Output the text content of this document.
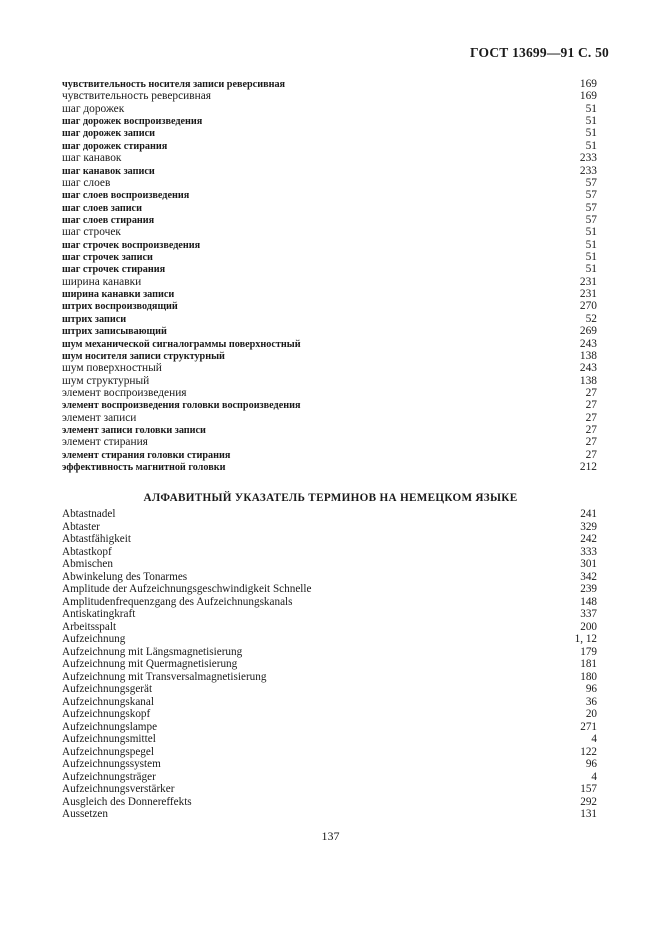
ГОСТ 13699—91 С. 50
чувствительность носителя записи реверсивная	169
чувствительность реверсивная	169
шаг дорожек	51
шаг дорожек воспроизведения	51
шаг дорожек записи	51
шаг дорожек стирания	51
шаг канавок	233
шаг канавок записи	233
шаг слоев	57
шаг слоев воспроизведения	57
шаг слоев записи	57
шаг слоев стирания	57
шаг строчек	51
шаг строчек воспроизведения	51
шаг строчек записи	51
шаг строчек стирания	51
ширина канавки	231
ширина канавки записи	231
штрих воспроизводящий	270
штрих записи	52
штрих записывающий	269
шум механической сигналограммы поверхностный	243
шум носителя записи структурный	138
шум поверхностный	243
шум структурный	138
элемент воспроизведения	27
элемент воспроизведения головки воспроизведения	27
элемент записи	27
элемент записи головки записи	27
элемент стирания	27
элемент стирания головки стирания	27
эффективность магнитной головки	212
АЛФАВИТНЫЙ УКАЗАТЕЛЬ ТЕРМИНОВ НА НЕМЕЦКОМ ЯЗЫКЕ
Abtastnadel	241
Abtaster	329
Abtastfähigkeit	242
Abtastkopf	333
Abmischen	301
Abwinkelung des Tonarmes	342
Amplitude der Aufzeichnungsgeschwindigkeit Schnelle	239
Amplitudenfrequenzgang des Aufzeichnungskanals	148
Antiskatingkraft	337
Arbeitsspalt	200
Aufzeichnung	1, 12
Aufzeichnung mit Längsmagnetisierung	179
Aufzeichnung mit Quermagnetisierung	181
Aufzeichnung mit Transversalmagnetisierung	180
Aufzeichnungsgerät	96
Aufzeichnungskanal	36
Aufzeichnungskopf	20
Aufzeichnungslampe	271
Aufzeichnungsmittel	4
Aufzeichnungspegel	122
Aufzeichnungssystem	96
Aufzeichnungsträger	4
Aufzeichnungsverstärker	157
Ausgleich des Donnereffekts	292
Aussetzen	131
137
